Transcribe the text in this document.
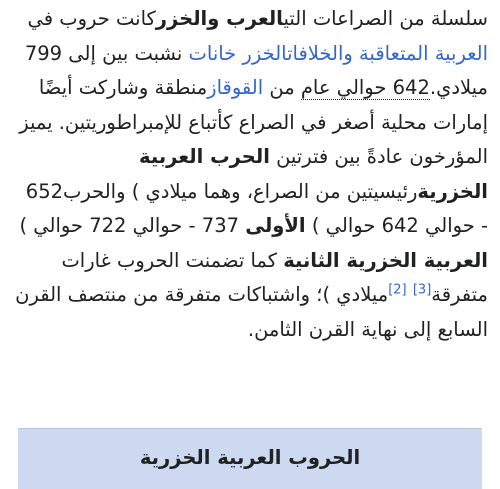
سلسلة من الصراعات التيالعرب والخزركانت حروب في العربية المتعاقبة والخلافاتالخزر خانات نشبت بين إلى 799 ميلادي.642 حوالي عام من القوقازمنطقة وشاركت أيضًا إمارات محلية أصغر في الصراع كأتباع للإمبراطوريتين. يميز المؤرخون عادةً بين فترتين الحرب العربية الخزريةرئيسيتين من الصراع، وهما ميلادي ) والحرب652 - حوالي 642 حوالي ) الأولى 737 - حوالي 722 حوالي ) العربية الخزرية الثانية كما تضمنت الحروب غارات متفرقة[3] [2]ميلادي )؛ واشتباكات متفرقة من منتصف القرن السابع إلى نهاية القرن الثامن.

الحروب العربية الخزرية
